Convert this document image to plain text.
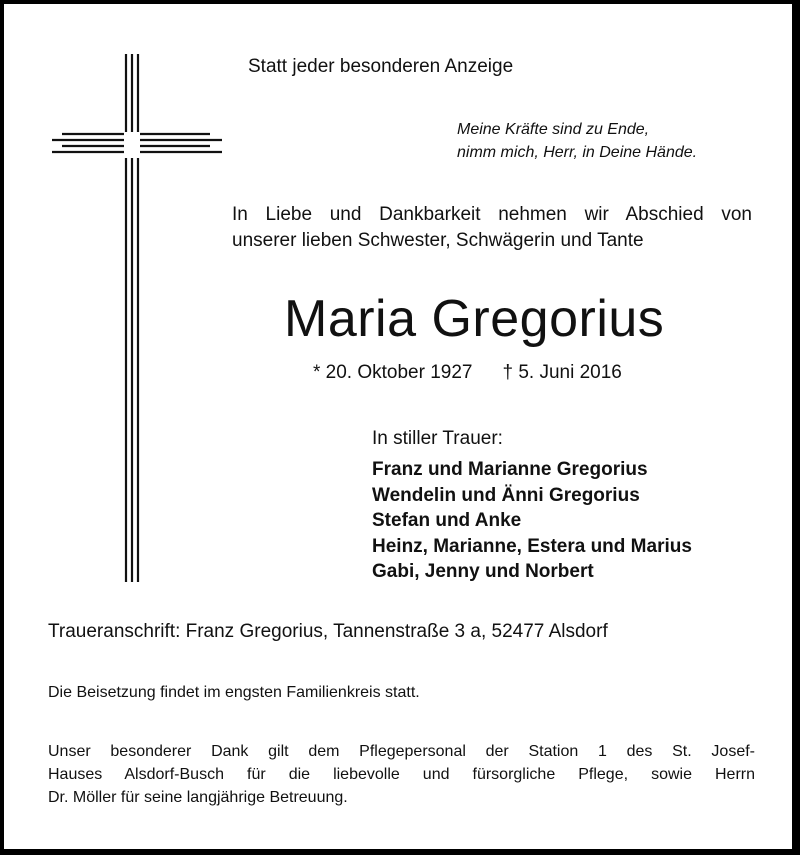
Statt jeder besonderen Anzeige
Meine Kräfte sind zu Ende,
nimm mich, Herr, in Deine Hände.
In Liebe und Dankbarkeit nehmen wir Abschied von
unserer lieben Schwester, Schwägerin und Tante
Maria Gregorius
* 20. Oktober 1927 † 5. Juni 2016
In stiller Trauer:
Franz und Marianne Gregorius
Wendelin und Änni Gregorius
Stefan und Anke
Heinz, Marianne, Estera und Marius
Gabi, Jenny und Norbert
Traueranschrift: Franz Gregorius, Tannenstraße 3 a, 52477 Alsdorf
Die Beisetzung findet im engsten Familienkreis statt.
Unser besonderer Dank gilt dem Pflegepersonal der Station 1 des St. Josef-
Hauses Alsdorf-Busch für die liebevolle und fürsorgliche Pflege, sowie Herrn
Dr. Möller für seine langjährige Betreuung.
